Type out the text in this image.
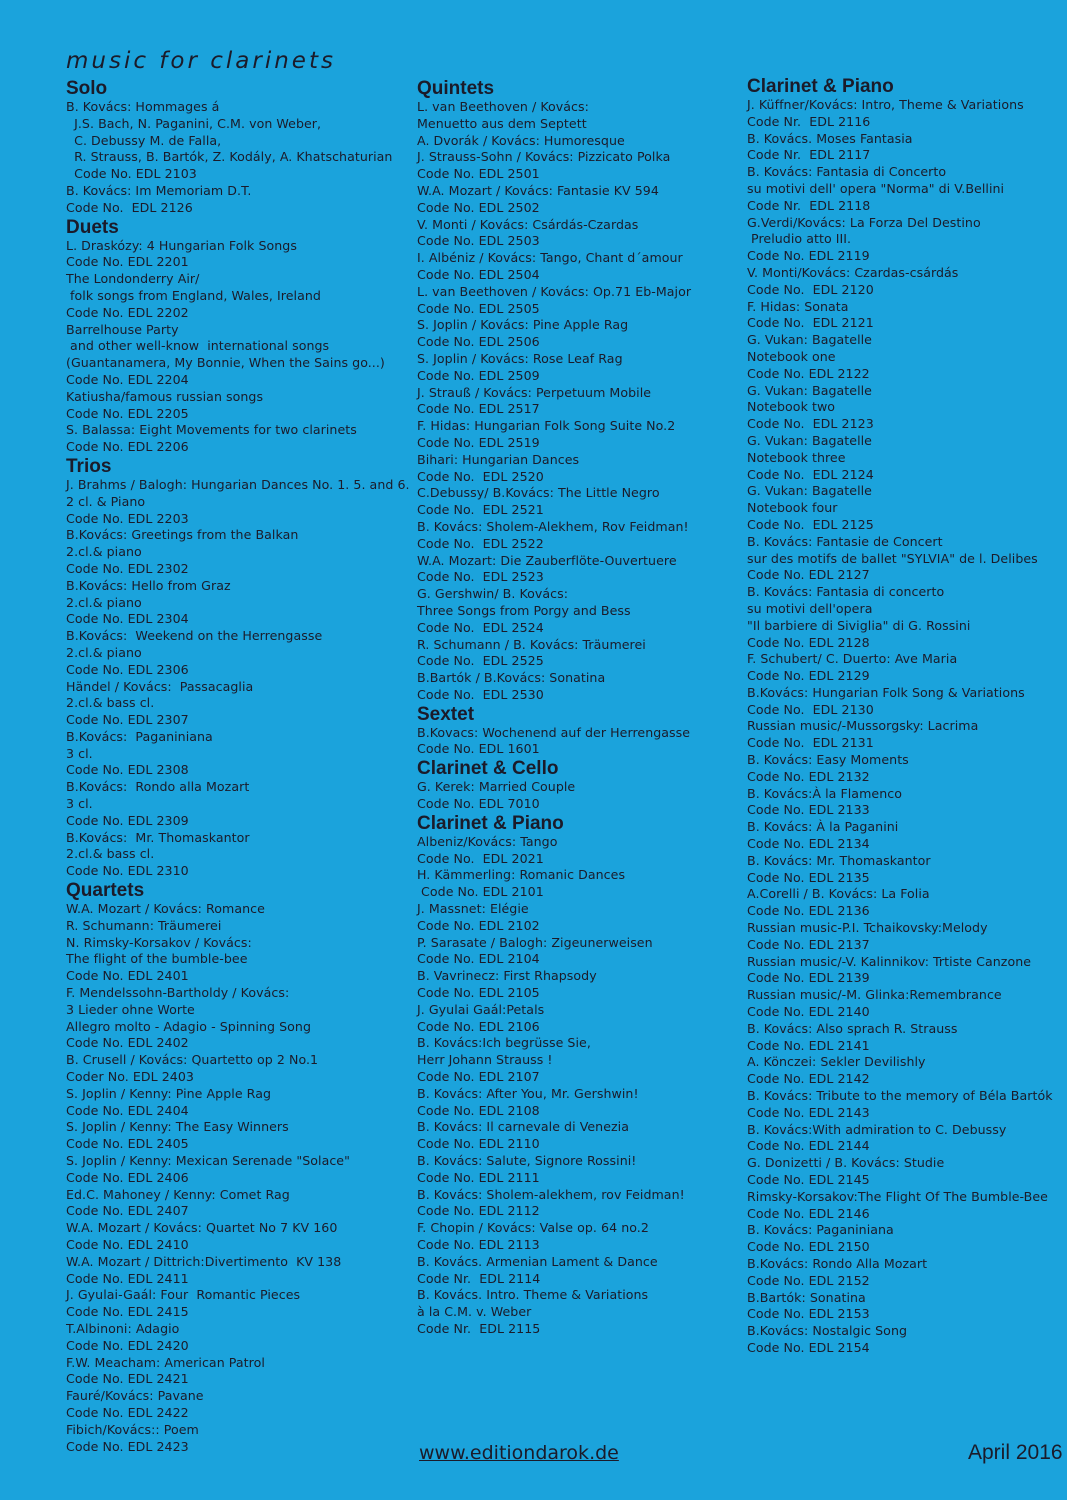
music for clarinets
Solo
B. Kovács: Hommages á
J.S. Bach, N. Paganini, C.M. von Weber,
C. Debussy M. de Falla,
R. Strauss, B. Bartók, Z. Kodály, A. Khatschaturian
Code No. EDL 2103
B. Kovács: Im Memoriam D.T.
Code No.  EDL 2126
Duets
L. Draskózy: 4 Hungarian Folk Songs
Code No. EDL 2201
The Londonderry Air/
folk songs from England, Wales, Ireland
Code No. EDL 2202
Barrelhouse Party
and other well-know  international songs
(Guantanamera, My Bonnie, When the Sains go...)
Code No. EDL 2204
Katiusha/famous russian songs
Code No. EDL 2205
S. Balassa: Eight Movements for two clarinets
Code No. EDL 2206
Trios
J. Brahms / Balogh: Hungarian Dances No. 1. 5. and 6.
2 cl. & Piano
Code No. EDL 2203
B.Kovács: Greetings from the Balkan
2.cl.& piano
Code No. EDL 2302
B.Kovács: Hello from Graz
2.cl.& piano
Code No. EDL 2304
B.Kovács:  Weekend on the Herrengasse
2.cl.& piano
Code No. EDL 2306
Händel / Kovács:  Passacaglia
2.cl.& bass cl.
Code No. EDL 2307
B.Kovács:  Paganiniana
3 cl.
Code No. EDL 2308
B.Kovács:  Rondo alla Mozart
3 cl.
Code No. EDL 2309
B.Kovács:  Mr. Thomaskantor
2.cl.& bass cl.
Code No. EDL 2310
Quartets
W.A. Mozart / Kovács: Romance
R. Schumann: Träumerei
N. Rimsky-Korsakov / Kovács:
The flight of the bumble-bee
Code No. EDL 2401
F. Mendelssohn-Bartholdy / Kovács:
3 Lieder ohne Worte
Allegro molto - Adagio - Spinning Song
Code No. EDL 2402
B. Crusell / Kovács: Quartetto op 2 No.1
Coder No. EDL 2403
S. Joplin / Kenny: Pine Apple Rag
Code No. EDL 2404
S. Joplin / Kenny: The Easy Winners
Code No. EDL 2405
S. Joplin / Kenny: Mexican Serenade "Solace"
Code No. EDL 2406
Ed.C. Mahoney / Kenny: Comet Rag
Code No. EDL 2407
W.A. Mozart / Kovács: Quartet No 7 KV 160
Code No. EDL 2410
W.A. Mozart / Dittrich:Divertimento  KV 138
Code No. EDL 2411
J. Gyulai-Gaál: Four  Romantic Pieces
Code No. EDL 2415
T.Albinoni: Adagio
Code No. EDL 2420
F.W. Meacham: American Patrol
Code No. EDL 2421
Fauré/Kovács: Pavane
Code No. EDL 2422
Fibich/Kovács:: Poem
Code No. EDL 2423
Quintets
L. van Beethoven / Kovács:
Menuetto aus dem Septett
A. Dvorák / Kovács: Humoresque
J. Strauss-Sohn / Kovács: Pizzicato Polka
Code No. EDL 2501
W.A. Mozart / Kovács: Fantasie KV 594
Code No. EDL 2502
V. Monti / Kovács: Csárdás-Czardas
Code No. EDL 2503
I. Albéniz / Kovács: Tango, Chant d´amour
Code No. EDL 2504
L. van Beethoven / Kovács: Op.71 Eb-Major
Code No. EDL 2505
S. Joplin / Kovács: Pine Apple Rag
Code No. EDL 2506
S. Joplin / Kovács: Rose Leaf Rag
Code No. EDL 2509
J. Strauß / Kovács: Perpetuum Mobile
Code No. EDL 2517
F. Hidas: Hungarian Folk Song Suite No.2
Code No. EDL 2519
Bihari: Hungarian Dances
Code No.  EDL 2520
C.Debussy/ B.Kovács: The Little Negro
Code No.  EDL 2521
B. Kovács: Sholem-Alekhem, Rov Feidman!
Code No.  EDL 2522
W.A. Mozart: Die Zauberflöte-Ouvertuere
Code No.  EDL 2523
G. Gershwin/ B. Kovács:
Three Songs from Porgy and Bess
Code No.  EDL 2524
R. Schumann / B. Kovács: Träumerei
Code No.  EDL 2525
B.Bartók / B.Kovács: Sonatina
Code No.  EDL 2530
Sextet
B.Kovacs: Wochenend auf der Herrengasse
Code No. EDL 1601
Clarinet & Cello
G. Kerek: Married Couple
Code No. EDL 7010
Clarinet & Piano
Albeniz/Kovács: Tango
Code No.  EDL 2021
H. Kämmerling: Romanic Dances
Code No. EDL 2101
J. Massnet: Elégie
Code No. EDL 2102
P. Sarasate / Balogh: Zigeunerweisen
Code No. EDL 2104
B. Vavrinecz: First Rhapsody
Code No. EDL 2105
J. Gyulai Gaál:Petals
Code No. EDL 2106
B. Kovács:Ich begrüsse Sie,
Herr Johann Strauss !
Code No. EDL 2107
B. Kovács: After You, Mr. Gershwin!
Code No. EDL 2108
B. Kovács: Il carnevale di Venezia
Code No. EDL 2110
B. Kovács: Salute, Signore Rossini!
Code No. EDL 2111
B. Kovács: Sholem-alekhem, rov Feidman!
Code No. EDL 2112
F. Chopin / Kovács: Valse op. 64 no.2
Code No. EDL 2113
B. Kovács. Armenian Lament & Dance
Code Nr.  EDL 2114
B. Kovács. Intro. Theme & Variations
à la C.M. v. Weber
Code Nr.  EDL 2115
Clarinet & Piano
J. Küffner/Kovács: Intro, Theme & Variations
Code Nr.  EDL 2116
B. Kovács. Moses Fantasia
Code Nr.  EDL 2117
B. Kovács: Fantasia di Concerto
su motivi dell' opera "Norma" di V.Bellini
Code Nr.  EDL 2118
G.Verdi/Kovács: La Forza Del Destino
Preludio atto III.
Code No. EDL 2119
V. Monti/Kovács: Czardas-csárdás
Code No.  EDL 2120
F. Hidas: Sonata
Code No.  EDL 2121
G. Vukan: Bagatelle
Notebook one
Code No. EDL 2122
G. Vukan: Bagatelle
Notebook two
Code No.  EDL 2123
G. Vukan: Bagatelle
Notebook three
Code No.  EDL 2124
G. Vukan: Bagatelle
Notebook four
Code No.  EDL 2125
B. Kovács: Fantasie de Concert
sur des motifs de ballet "SYLVIA" de l. Delibes
Code No. EDL 2127
B. Kovács: Fantasia di concerto
su motivi dell'opera
"Il barbiere di Siviglia" di G. Rossini
Code No. EDL 2128
F. Schubert/ C. Duerto: Ave Maria
Code No. EDL 2129
B.Kovács: Hungarian Folk Song & Variations
Code No.  EDL 2130
Russian music/-Mussorgsky: Lacrima
Code No.  EDL 2131
B. Kovács: Easy Moments
Code No. EDL 2132
B. Kovács:À la Flamenco
Code No. EDL 2133
B. Kovács: À la Paganini
Code No. EDL 2134
B. Kovács: Mr. Thomaskantor
Code No. EDL 2135
A.Corelli / B. Kovács: La Folia
Code No. EDL 2136
Russian music-P.I. Tchaikovsky:Melody
Code No. EDL 2137
Russian music/-V. Kalinnikov: Trtiste Canzone
Code No. EDL 2139
Russian music/-M. Glinka:Remembrance
Code No. EDL 2140
B. Kovács: Also sprach R. Strauss
Code No. EDL 2141
A. Könczei: Sekler Devilishly
Code No. EDL 2142
B. Kovács: Tribute to the memory of Béla Bartók
Code No. EDL 2143
B. Kovács:With admiration to C. Debussy
Code No. EDL 2144
G. Donizetti / B. Kovács: Studie
Code No. EDL 2145
Rimsky-Korsakov:The Flight Of The Bumble-Bee
Code No. EDL 2146
B. Kovács: Paganiniana
Code No. EDL 2150
B.Kovács: Rondo Alla Mozart
Code No. EDL 2152
B.Bartók: Sonatina
Code No. EDL 2153
B.Kovács: Nostalgic Song
Code No. EDL 2154
www.editiondarok.de	April 2016
